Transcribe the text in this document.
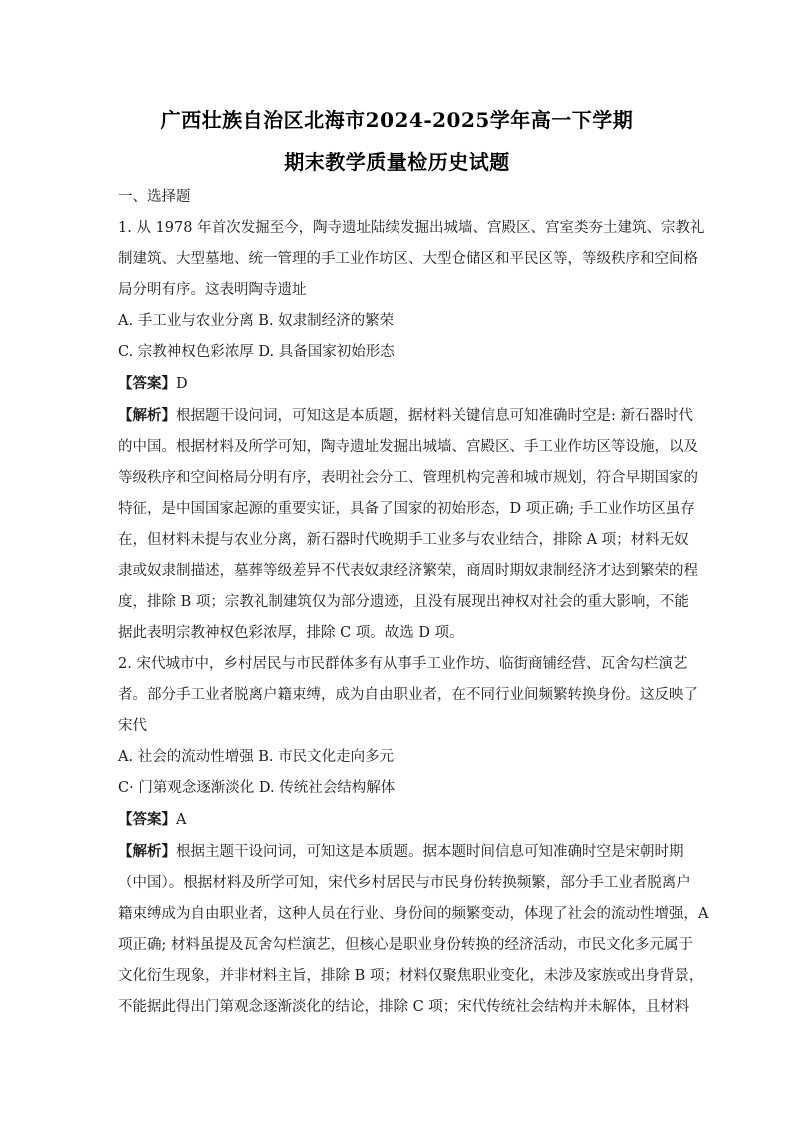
广西壮族自治区北海市2024-2025学年高一下学期
期末教学质量检历史试题
一、选择题
1. 从 1978 年首次发掘至今，陶寺遗址陆续发掘出城墙、宫殿区、宫室类夯土建筑、宗教礼
制建筑、大型墓地、统一管理的手工业作坊区、大型仓储区和平民区等，等级秩序和空间格
局分明有序。这表明陶寺遗址
A. 手工业与农业分离 B. 奴隶制经济的繁荣
C. 宗教神权色彩浓厚 D. 具备国家初始形态
【答案】D
【解析】根据题干设问词，可知这是本质题，据材料关键信息可知准确时空是: 新石器时代
的中国。根据材料及所学可知，陶寺遗址发掘出城墙、宫殿区、手工业作坊区等设施，以及
等级秩序和空间格局分明有序，表明社会分工、管理机构完善和城市规划，符合早期国家的
特征，是中国国家起源的重要实证，具备了国家的初始形态，D 项正确; 手工业作坊区虽存
在，但材料未提与农业分离，新石器时代晚期手工业多与农业结合，排除 A 项；材料无奴
隶或奴隶制描述，墓葬等级差异不代表奴隶经济繁荣，商周时期奴隶制经济才达到繁荣的程
度，排除 B 项；宗教礼制建筑仅为部分遗迹，且没有展现出神权对社会的重大影响，不能
据此表明宗教神权色彩浓厚，排除 C 项。故选 D 项。
2. 宋代城市中，乡村居民与市民群体多有从事手工业作坊、临街商铺经营、瓦舍勾栏演艺
者。部分手工业者脱离户籍束缚，成为自由职业者，在不同行业间频繁转换身份。这反映了
宋代
A. 社会的流动性增强 B. 市民文化走向多元
C· 门第观念逐渐淡化 D. 传统社会结构解体
【答案】A
【解析】根据主题干设问词，可知这是本质题。据本题时间信息可知准确时空是宋朝时期
（中国）。根据材料及所学可知，宋代乡村居民与市民身份转换频繁，部分手工业者脱离户
籍束缚成为自由职业者，这种人员在行业、身份间的频繁变动，体现了社会的流动性增强，A
项正确; 材料虽提及瓦舍勾栏演艺，但核心是职业身份转换的经济活动，市民文化多元属于
文化衍生现象，并非材料主旨，排除 B 项；材料仅聚焦职业变化，未涉及家族或出身背景，
不能据此得出门第观念逐渐淡化的结论，排除 C 项；宋代传统社会结构并未解体，且材料
